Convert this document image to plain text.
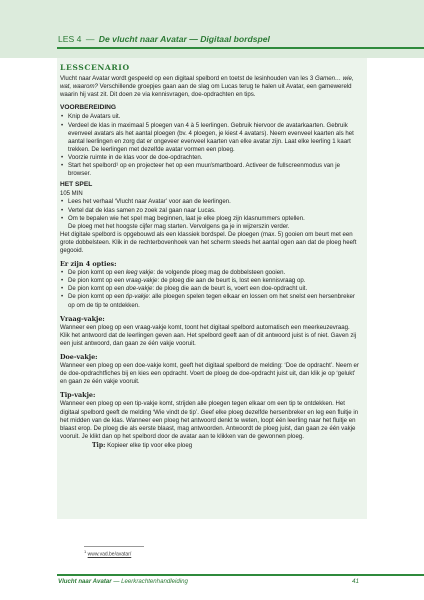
LES 4 — De vlucht naar Avatar — Digitaal bordspel
LESSCENARIO
Vlucht naar Avatar wordt gespeeld op een digitaal spelbord en toetst de lesinhouden van les 3 Gamen… wie, wat, waarom? Verschillende groepjes gaan aan de slag om Lucas terug te halen uit Avatar, een gamewereld waarin hij vast zit. Dit doen ze via kennisvragen, doe-opdrachten en tips.
VOORBEREIDING
• Knip de Avatars uit.
• Verdeel de klas in maximaal 5 ploegen van 4 à 5 leerlingen. Gebruik hiervoor de avatarkaarten. Gebruik evenveel avatars als het aantal ploegen (bv. 4 ploegen, je kiest 4 avatars). Neem evenveel kaarten als het aantal leerlingen en zorg dat er ongeveer evenveel kaarten van elke avatar zijn. Laat elke leerling 1 kaart trekken. De leerlingen met dezelfde avatar vormen een ploeg.
• Voorzie ruimte in de klas voor de doe-opdrachten.
• Start het spelbord¹ op en projecteer het op een muur/smartboard. Activeer de fullscreenmodus van je browser.
HET SPEL
105 MIN
• Lees het verhaal ‘Vlucht naar Avatar’ voor aan de leerlingen.
• Vertel dat de klas samen zo zoek zal gaan naar Lucas.
• Om te bepalen wie het spel mag beginnen, laat je elke ploeg zijn klasnummers optellen.
De ploeg met het hoogste cijfer mag starten. Vervolgens ga je in wijzerszin verder.
Het digitale spelbord is opgebouwd als een klassiek bordspel. De ploegen (max. 5) gooien om beurt met een grote dobbelsteen. Klik in de rechterbovenhoek van het scherm steeds het aantal ogen aan dat de ploeg heeft gegooid.
Er zijn 4 opties:
• De pion komt op een leeg vakje: de volgende ploeg mag de dobbelsteen gooien.
• De pion komt op een vraag-vakje: de ploeg die aan de beurt is, lost een kennisvraag op.
• De pion komt op een doe-vakje: de ploeg die aan de beurt is, voert een doe-opdracht uit.
• De pion komt op een tip-vakje: alle ploegen spelen tegen elkaar en lossen om het snelst een hersenbreker op om de tip te ontdekken.
Vraag-vakje:
Wanneer een ploeg op een vraag-vakje komt, toont het digitaal spelbord automatisch een meerkeuzevraag. Klik het antwoord dat de leerlingen geven aan. Het spelbord geeft aan of dit antwoord juist is of niet. Gaven zij een juist antwoord, dan gaan ze één vakje vooruit.
Doe-vakje:
Wanneer een ploeg op een doe-vakje komt, geeft het digitaal spelbord de melding: ‘Doe de opdracht’. Neem er de doe-opdrachtfiches bij en kies een opdracht. Voert de ploeg de doe-opdracht juist uit, dan klik je op ‘gelukt’ en gaan ze één vakje vooruit.
Tip-vakje:
Wanneer een ploeg op een tip-vakje komt, strijden alle ploegen tegen elkaar om een tip te ontdekken. Het digitaal spelbord geeft de melding ‘Wie vindt de tip’. Geef elke ploeg dezelfde hersenbreker en leg een fluitje in het midden van de klas. Wanneer een ploeg het antwoord denkt te weten, loopt één leerling naar het fluitje en blaast erop. De ploeg die als eerste blaast, mag antwoorden. Antwoordt de ploeg juist, dan gaan ze één vakje vooruit. Je klikt dan op het spelbord door de avatar aan te klikken van de gewonnen ploeg.
Tip: Kopieer elke tip voor elke ploeg
$^1$ www.vad.be/avatar/
Vlucht naar Avatar — Leerkrachtenhandleiding	41
